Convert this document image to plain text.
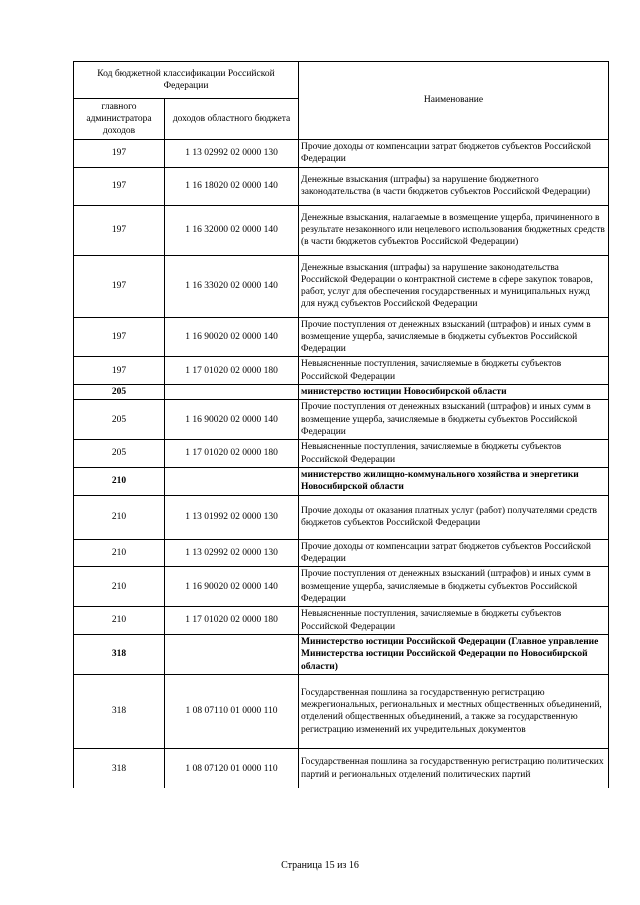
Код бюджетной классификации Российской Федерации		Наименование
главного администратора доходов	доходов областного бюджета	
197	1 13 02992 02 0000 130	Прочие доходы от компенсации затрат бюджетов субъектов Российской Федерации
197	1 16 18020 02 0000 140	Денежные взыскания (штрафы) за нарушение бюджетного законодательства (в части бюджетов субъектов Российской Федерации)
197	1 16 32000 02 0000 140	Денежные взыскания, налагаемые в возмещение ущерба, причиненного в результате незаконного или нецелевого использования бюджетных средств (в части бюджетов субъектов Российской Федерации)
197	1 16 33020 02 0000 140	Денежные взыскания (штрафы) за нарушение законодательства Российской Федерации о контрактной системе в сфере закупок товаров, работ, услуг для обеспечения государственных и муниципальных нужд для нужд субъектов Российской Федерации
197	1 16 90020 02 0000 140	Прочие поступления от денежных взысканий (штрафов) и иных сумм в возмещение ущерба, зачисляемые в бюджеты субъектов Российской Федерации
197	1 17 01020 02 0000 180	Невыясненные поступления, зачисляемые в бюджеты субъектов Российской Федерации
205		министерство юстиции Новосибирской области
205	1 16 90020 02 0000 140	Прочие поступления от денежных взысканий (штрафов) и иных сумм в возмещение ущерба, зачисляемые в бюджеты субъектов Российской Федерации
205	1 17 01020 02 0000 180	Невыясненные поступления, зачисляемые в бюджеты субъектов Российской Федерации
210		министерство жилищно-коммунального хозяйства и энергетики Новосибирской области
210	1 13 01992 02 0000 130	Прочие доходы от оказания платных услуг (работ) получателями средств бюджетов субъектов Российской Федерации
210	1 13 02992 02 0000 130	Прочие доходы от компенсации затрат бюджетов субъектов Российской Федерации
210	1 16 90020 02 0000 140	Прочие поступления от денежных взысканий (штрафов) и иных сумм в возмещение ущерба, зачисляемые в бюджеты субъектов Российской Федерации
210	1 17 01020 02 0000 180	Невыясненные поступления, зачисляемые в бюджеты субъектов Российской Федерации
318		Министерство юстиции Российской Федерации (Главное управление Министерства юстиции Российской Федерации по Новосибирской области)
318	1 08 07110 01 0000 110	Государственная пошлина за государственную регистрацию межрегиональных, региональных и местных общественных объединений, отделений общественных объединений, а также за государственную регистрацию изменений их учредительных документов
318	1 08 07120 01 0000 110	Государственная пошлина за государственную регистрацию политических партий и региональных отделений политических партий
Страница 15 из 16
